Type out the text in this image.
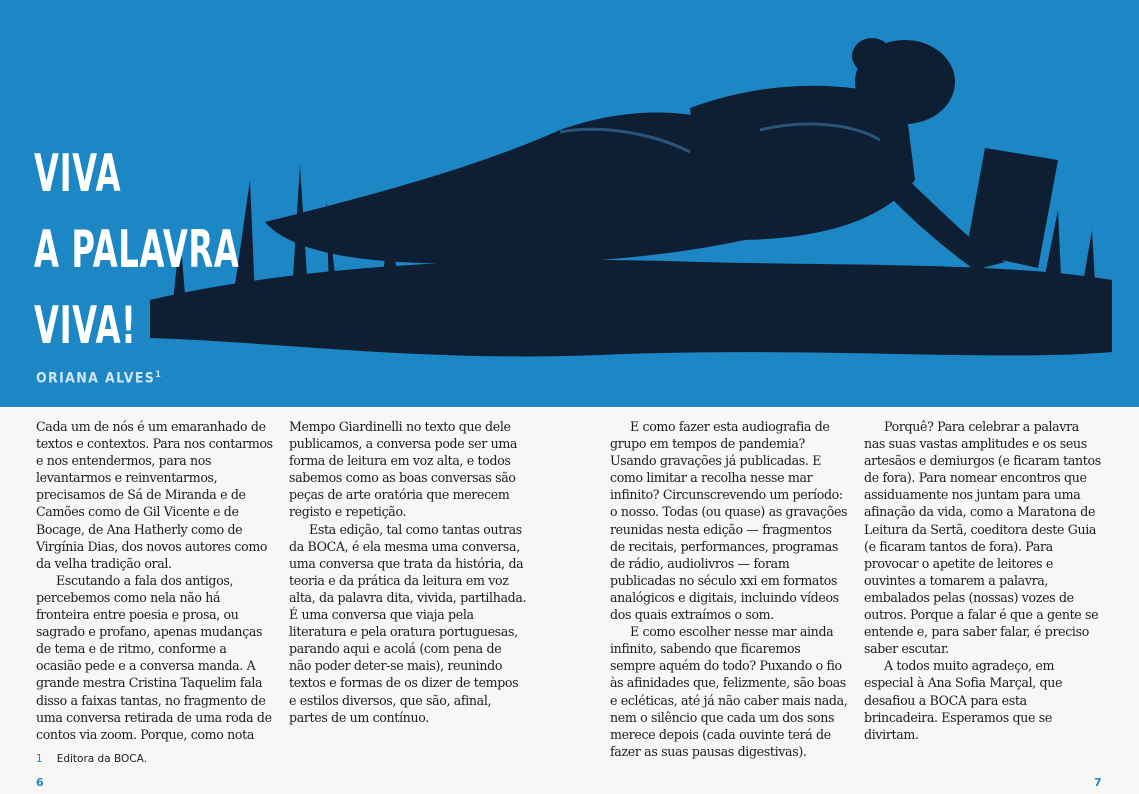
VIVA
A PALAVRA
VIVA!
ORIANA ALVES$^1$

Cada um de nós é um emaranhado de textos e contextos. Para nos contarmos e nos entendermos, para nos levantarmos e reinventarmos, precisamos de Sá de Miranda e de Camões como de Gil Vicente e de Bocage, de Ana Hatherly como de Virgínia Dias, dos novos autores como da velha tradição oral.

Escutando a fala dos antigos, percebemos como nela não há fronteira entre poesia e prosa, ou sagrado e profano, apenas mudanças de tema e de ritmo, conforme a ocasião pede e a conversa manda. A grande mestra Cristina Taquelim fala disso a faixas tantas, no fragmento de uma conversa retirada de uma roda de contos via zoom. Porque, como nota

Mempo Giardinelli no texto que dele publicamos, a conversa pode ser uma forma de leitura em voz alta, e todos sabemos como as boas conversas são peças de arte oratória que merecem registo e repetição.

Esta edição, tal como tantas outras da BOCA, é ela mesma uma conversa, uma conversa que trata da história, da teoria e da prática da leitura em voz alta, da palavra dita, vivida, partilhada. É uma conversa que viaja pela literatura e pela oratura portuguesas, parando aqui e acolá (com pena de não poder deter-se mais), reunindo textos e formas de os dizer de tempos e estilos diversos, que são, afinal, partes de um contínuo.

E como fazer esta audiografia de grupo em tempos de pandemia? Usando gravações já publicadas. E como limitar a recolha nesse mar infinito? Circunscrevendo um período: o nosso. Todas (ou quase) as gravações reunidas nesta edição — fragmentos de recitais, performances, programas de rádio, audiolivros — foram publicadas no século xxi em formatos analógicos e digitais, incluindo vídeos dos quais extraímos o som.

E como escolher nesse mar ainda infinito, sabendo que ficaremos sempre aquém do todo? Puxando o fio às afinidades que, felizmente, são boas e ecléticas, até já não caber mais nada, nem o silêncio que cada um dos sons merece depois (cada ouvinte terá de fazer as suas pausas digestivas).

Porquê? Para celebrar a palavra nas suas vastas amplitudes e os seus artesãos e demiurgos (e ficaram tantos de fora). Para nomear encontros que assiduamente nos juntam para uma afinação da vida, como a Maratona de Leitura da Sertã, coeditora deste Guia (e ficaram tantos de fora). Para provocar o apetite de leitores e ouvintes a tomarem a palavra, embalados pelas (nossas) vozes de outros. Porque a falar é que a gente se entende e, para saber falar, é preciso saber escutar.

A todos muito agradeço, em especial à Ana Sofia Marçal, que desafiou a BOCA para esta brincadeira. Esperamos que se divirtam.

1 Editora da BOCA.
6	7
